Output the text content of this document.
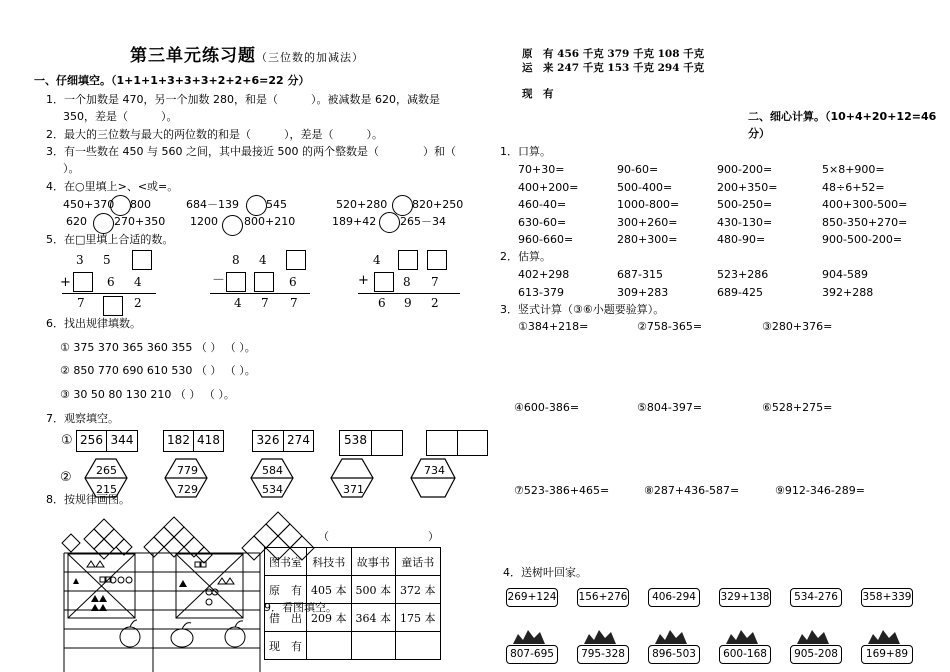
第三单元练习题（三位数的加减法）
一、仔细填空。（1+1+1+3+3+3+2+2+6=22 分）
1．一个加数是 470，另一个加数 280，和是（　　　）。被减数是 620，减数是
350，差是（　　　）。
2．最大的三位数与最大的两位数的和是（　　　），差是（　　　）。
3．有一些数在 450 与 560 之间，其中最接近 500 的两个整数是（　　　　）和（
）。
4．在○里填上>、<或=。
450+370 800	684－139 545	520+280 820+250
620 270+350 1200 800+210	189+42 265－34
5．在□里填上合适的数。
3 5
+	6 4
7	2
8 4
－	6
4 7 7
4
+	8 7
6 9 2
6．找出规律填数。
① 375 370 365 360 355 （ ） （ ）。
② 850 770 690 610 530 （ ） （ ）。
③ 30 50 80 130 210 （ ） （ ）。
7．观察填空。
①
②
256 344	182 418	326 274	538
265
215
779
729
584
534	371
734
8．按规律画图。
（　　　　　　　　　）
图书室	科技书	故事书	童话书
原　有	405 本	500 本	372 本
借　出	209 本	364 本	175 本
现　有			
9．看图填空。
原　有 456 千克 379 千克 108 千克
运　来 247 千克 153 千克 294 千克
现　有
二、细心计算。（10+4+20+12=46
分）
1．口算。
70+30=	90-60=	900-200=	5×8+900=
400+200=	500-400=	200+350=	48÷6+52=
460-40=	1000-800=	500-250=	400+300-500=
630-60=	300+260=	430-130=	850-350+270=
960-660=	280+300=	480-90=	900-500-200=
2．估算。
402+298	687-315	523+286	904-589
613-379	309+283	689-425	392+288
3．竖式计算（③⑥小题要验算）。
①384+218=	②758-365=	③280+376=
④600-386=	⑤804-397=	⑥528+275=
⑦523-386+465=	⑧287+436-587=	⑨912-346-289=
4．送树叶回家。
269+124 156+276	406-294	329+138	534-276	358+339
807-695	795-328	896-503	600-168	905-208	169+89
